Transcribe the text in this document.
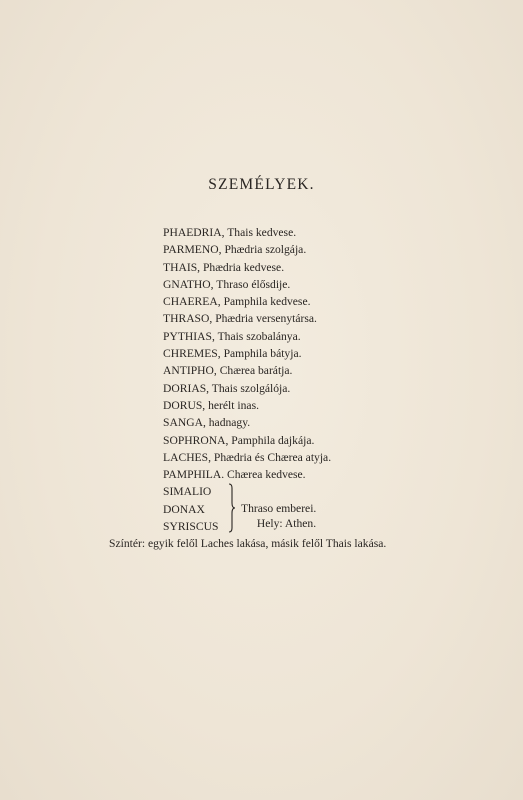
SZEMÉLYEK.
PHAEDRIA, Thais kedvese.
PARMENO, Phædria szolgája.
THAIS, Phædria kedvese.
GNATHO, Thraso élősdije.
CHAEREA, Pamphila kedvese.
THRASO, Phædria versenytársa.
PYTHIAS, Thais szobalánya.
CHREMES, Pamphila bátyja.
ANTIPHO, Chærea barátja.
DORIAS, Thais szolgálója.
DORUS, herélt inas.
SANGA, hadnagy.
SOPHRONA, Pamphila dajkája.
LACHES, Phædria és Chærea atyja.
PAMPHILA. Chærea kedvese.
SIMALIO
DONAX
SYRISCUS
Thraso emberei.
Hely: Athen.
Színtér: egyik felől Laches lakása, másik felől Thais lakása.
